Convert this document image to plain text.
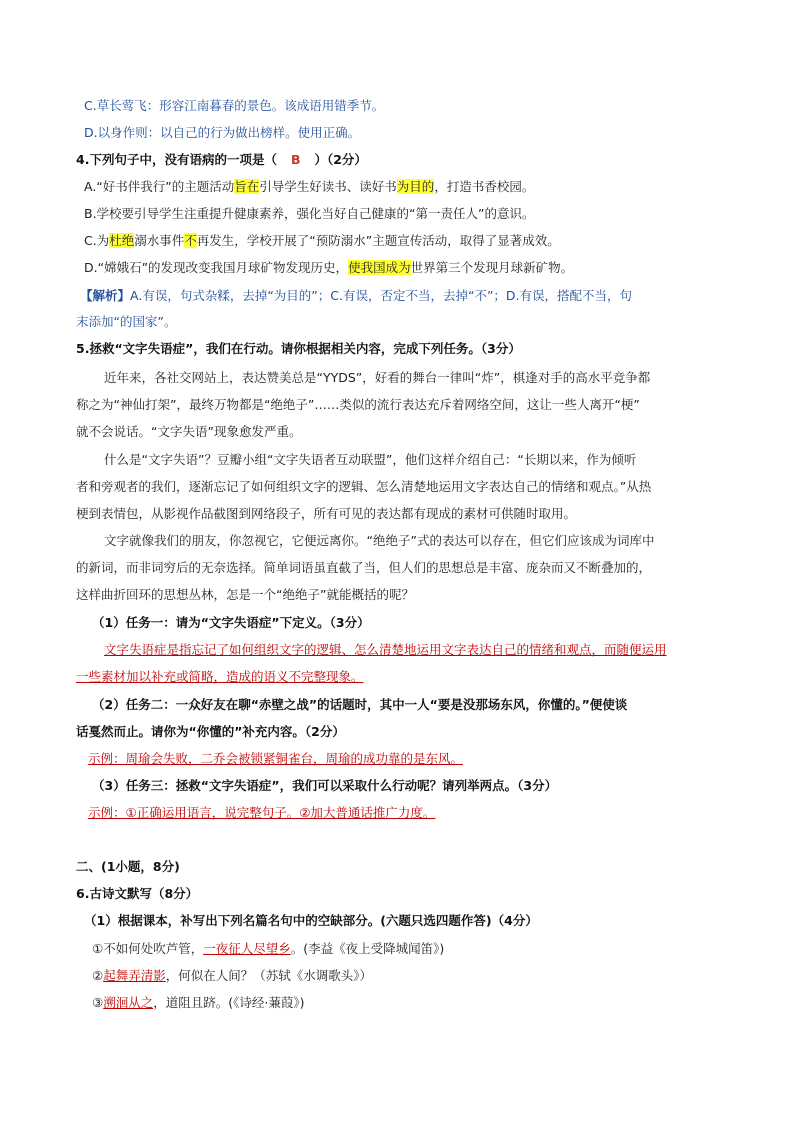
C.草长莺飞：形容江南暮春的景色。该成语用错季节。
D.以身作则：以自己的行为做出榜样。使用正确。
4.下列句子中，没有语病的一项是（ B ）（2分）
A.“好书伴我行”的主题活动旨在引导学生好读书、读好书为目的，打造书香校园。
B.学校要引导学生注重提升健康素养，强化当好自己健康的“第一责任人”的意识。
C.为杜绝溺水事件不再发生，学校开展了“预防溺水”主题宣传活动，取得了显著成效。
D.“嫦娥石”的发现改变我国月球矿物发现历史，使我国成为世界第三个发现月球新矿物。
【解析】A.有误，句式杂糅，去掉“为目的”；C.有误，否定不当，去掉“不”；D.有误，搭配不当，句
末添加“的国家”。
5.拯救“文字失语症”，我们在行动。请你根据相关内容，完成下列任务。（3分）
近年来，各社交网站上，表达赞美总是“YYDS”，好看的舞台一律叫“炸”，棋逢对手的高水平竞争都
称之为“神仙打架”，最终万物都是“绝绝子”……类似的流行表达充斥着网络空间，这让一些人离开“梗”
就不会说话。“文字失语”现象愈发严重。
什么是“文字失语”？豆瓣小组“文字失语者互动联盟”，他们这样介绍自己：“长期以来，作为倾听
者和旁观者的我们，逐渐忘记了如何组织文字的逻辑、怎么清楚地运用文字表达自己的情绪和观点。”从热
梗到表情包，从影视作品截图到网络段子，所有可见的表达都有现成的素材可供随时取用。
文字就像我们的朋友，你忽视它，它便远离你。“绝绝子”式的表达可以存在，但它们应该成为词库中
的新词，而非词穷后的无奈选择。简单词语虽直截了当，但人们的思想总是丰富、庞杂而又不断叠加的，
这样曲折回环的思想丛林，怎是一个“绝绝子”就能概括的呢？
（1）任务一：请为“文字失语症”下定义。（3分）
文字失语症是指忘记了如何组织文字的逻辑、怎么清楚地运用文字表达自己的情绪和观点，而随便运用
一些素材加以补充或简略，造成的语义不完整现象。
（2）任务二：一众好友在聊“赤壁之战”的话题时，其中一人“要是没那场东风，你懂的。”便使谈
话戛然而止。请你为“你懂的”补充内容。（2分）
示例：周瑜会失败，二乔会被锁紧铜雀台，周瑜的成功靠的是东风。
（3）任务三：拯救“文字失语症”，我们可以采取什么行动呢？请列举两点。（3分）
示例：①正确运用语言，说完整句子。②加大普通话推广力度。
二、(1小题，8分)
6.古诗文默写（8分）
（1）根据课本，补写出下列名篇名句中的空缺部分。(六题只选四题作答)（4分）
①不如何处吹芦管，一夜征人尽望乡。(李益《夜上受降城闻笛》)
②起舞弄清影，何似在人间？（苏轼《水调歌头》）
③溯洄从之，道阻且跻。(《诗经·蒹葭》)
